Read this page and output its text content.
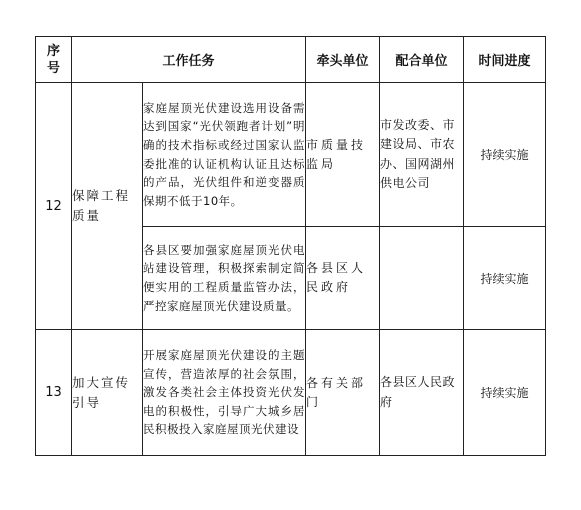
序号	工作任务		牵头单位	配合单位	时间进度
12	保障工程质量	家庭屋顶光伏建设选用设备需达到国家“光伏领跑者计划”明确的技术指标或经过国家认监委批准的认证机构认证且达标的产品，光伏组件和逆变器质保期不低于10年。	市质量技监局	市发改委、市建设局、市农办、国网湖州供电公司	持续实施
		各县区要加强家庭屋顶光伏电站建设管理，积极探索制定简便实用的工程质量监管办法，严控家庭屋顶光伏建设质量。	各县区人民政府		持续实施
13	加大宣传引导	开展家庭屋顶光伏建设的主题宣传，营造浓厚的社会氛围，激发各类社会主体投资光伏发电的积极性，引导广大城乡居民积极投入家庭屋顶光伏建设	各有关部门	各县区人民政府	持续实施
